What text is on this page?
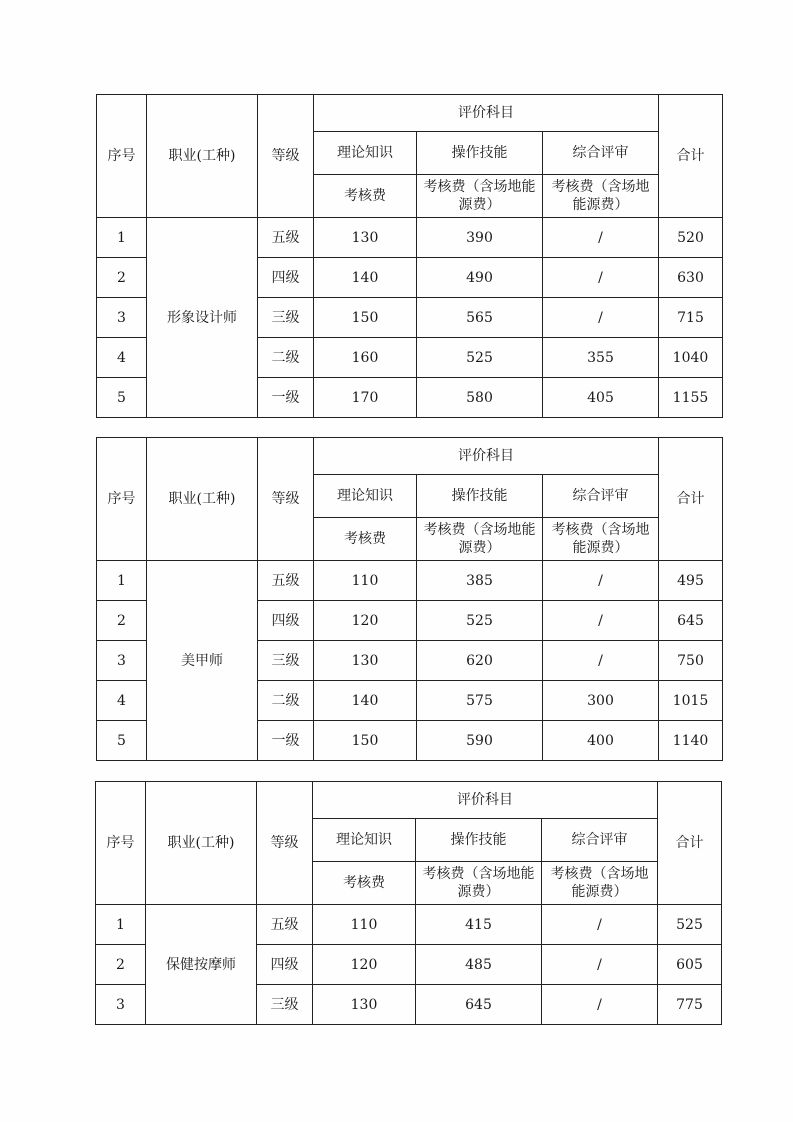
序号	职业(工种)	等级	评价科目			合计
			理论知识	操作技能	综合评审	
			考核费	考核费（含场地能源费）	考核费（含场地能源费）	
1	形象设计师	五级	130	390	/	520
2		四级	140	490	/	630
3		三级	150	565	/	715
4		二级	160	525	355	1040
5		一级	170	580	405	1155
序号	职业(工种)	等级	评价科目			合计
			理论知识	操作技能	综合评审	
			考核费	考核费（含场地能源费）	考核费（含场地能源费）	
1	美甲师	五级	110	385	/	495
2		四级	120	525	/	645
3		三级	130	620	/	750
4		二级	140	575	300	1015
5		一级	150	590	400	1140
序号	职业(工种)	等级	评价科目			合计
			理论知识	操作技能	综合评审	
			考核费	考核费（含场地能源费）	考核费（含场地能源费）	
1	保健按摩师	五级	110	415	/	525
2		四级	120	485	/	605
3		三级	130	645	/	775
